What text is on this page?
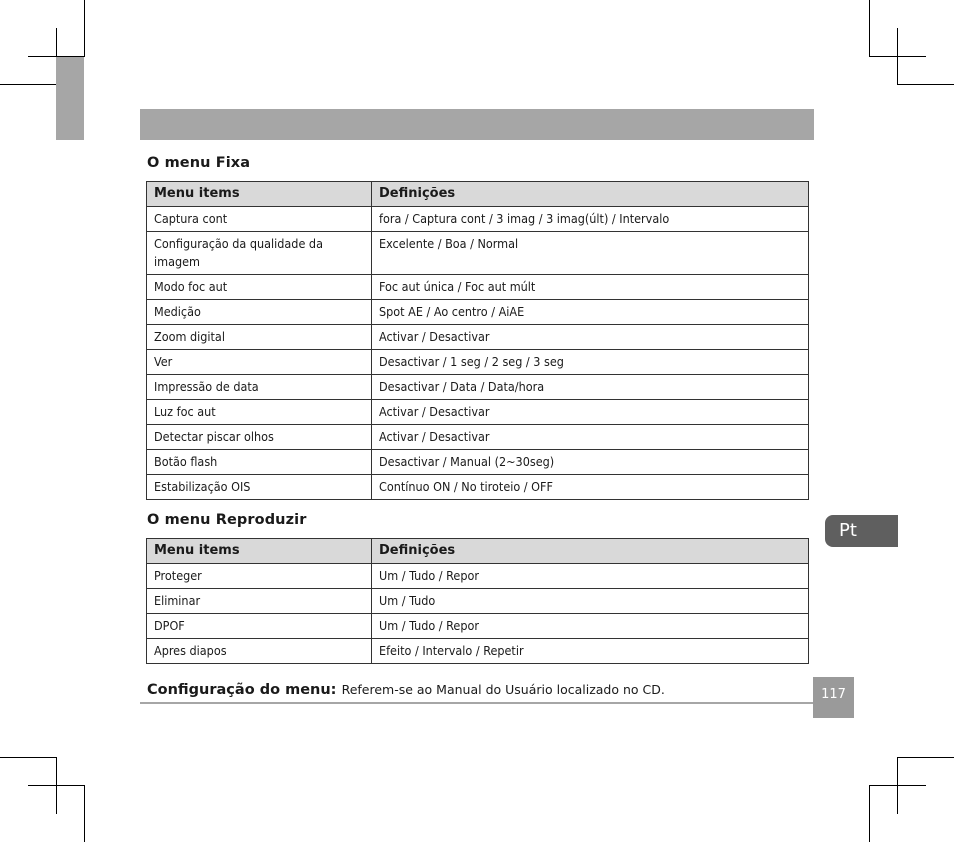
O menu Fixa
Menu items	Definições
Captura cont	fora / Captura cont / 3 imag / 3 imag(últ) / Intervalo
Configuração da qualidade da imagem	Excelente / Boa / Normal
Modo foc aut	Foc aut única / Foc aut múlt
Medição	Spot AE / Ao centro / AiAE
Zoom digital	Activar / Desactivar
Ver	Desactivar / 1 seg / 2 seg / 3 seg
Impressão de data	Desactivar / Data / Data/hora
Luz foc aut	Activar / Desactivar
Detectar piscar olhos	Activar / Desactivar
Botão flash	Desactivar / Manual (2~30seg)
Estabilização OIS	Contínuo ON / No tiroteio / OFF
O menu Reproduzir
Menu items	Definições
Proteger	Um / Tudo / Repor
Eliminar	Um / Tudo
DPOF	Um / Tudo / Repor
Apres diapos	Efeito / Intervalo / Repetir
Configuração do menu: Referem-se ao Manual do Usuário localizado no CD.
Pt
117
